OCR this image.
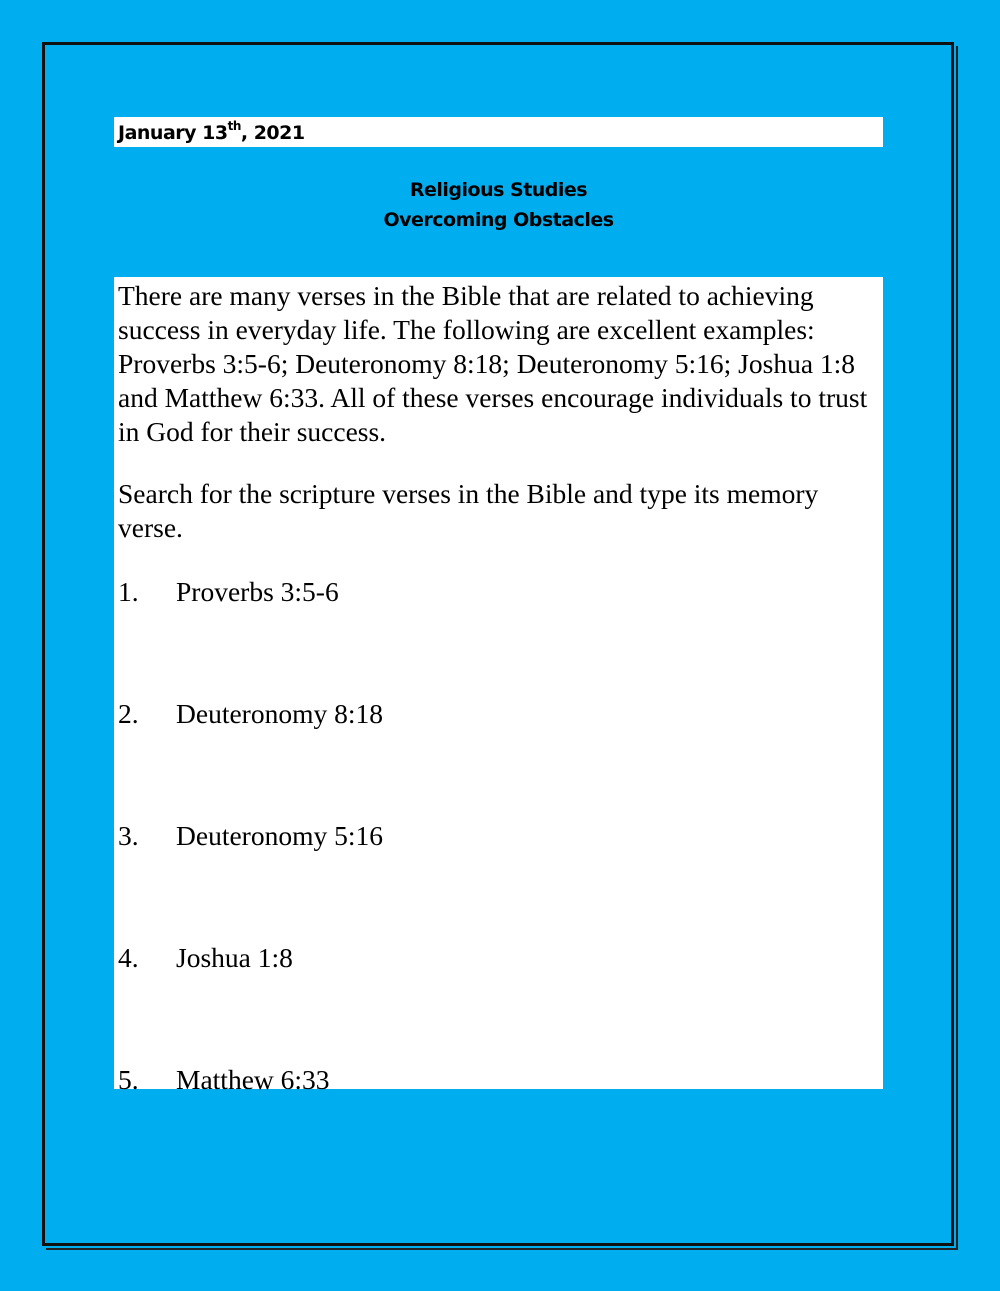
January 13th, 2021
Religious Studies
Overcoming Obstacles

There are many verses in the Bible that are related to achieving success in everyday life. The following are excellent examples: Proverbs 3:5-6; Deuteronomy 8:18; Deuteronomy 5:16; Joshua 1:8 and Matthew 6:33. All of these verses encourage individuals to trust in God for their success.

Search for the scripture verses in the Bible and type its memory verse.

1.	Proverbs 3:5-6
2.	Deuteronomy 8:18
3.	Deuteronomy 5:16
4.	Joshua 1:8
5.	Matthew 6:33
